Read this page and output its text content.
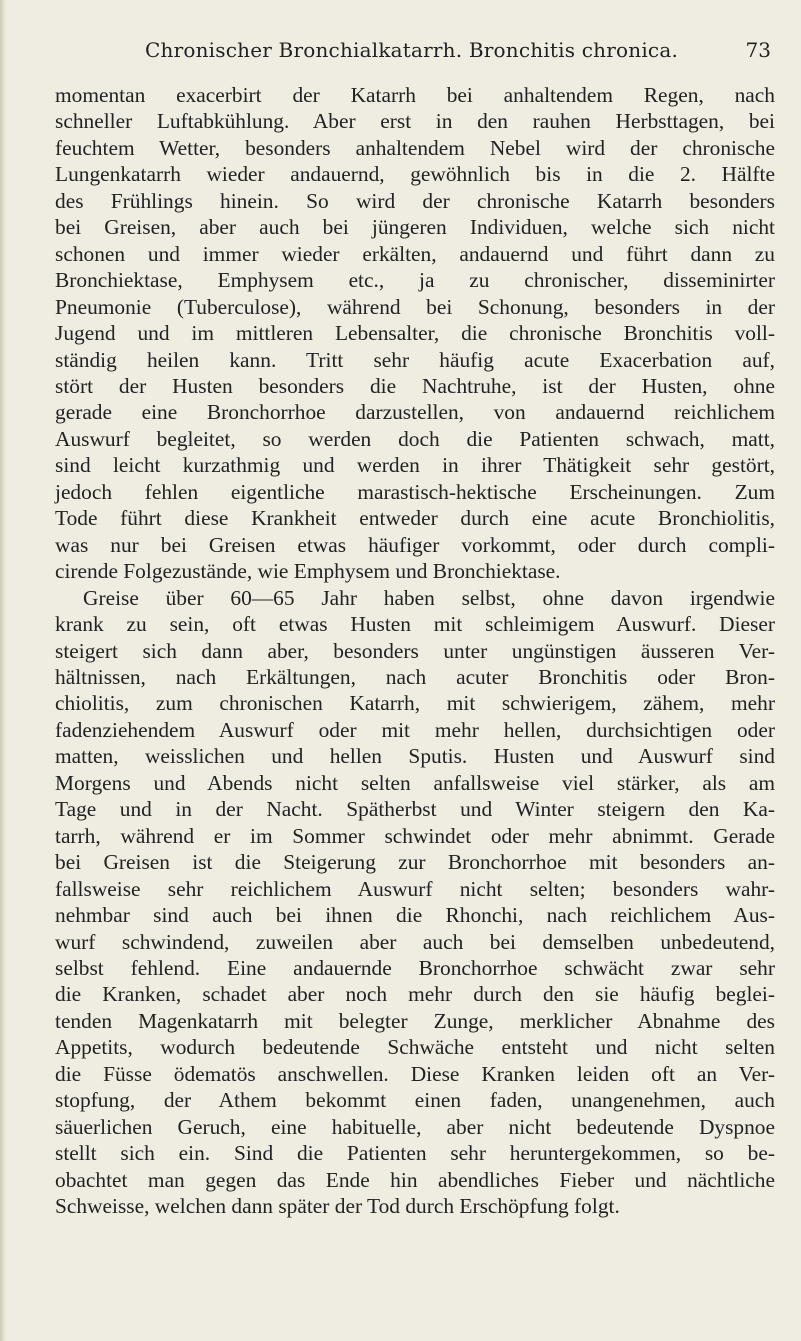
Chronischer Bronchialkatarrh. Bronchitis chronica.	73
momentan exacerbirt der Katarrh bei anhaltendem Regen, nach
schneller Luftabkühlung. Aber erst in den rauhen Herbsttagen, bei
feuchtem Wetter, besonders anhaltendem Nebel wird der chronische
Lungenkatarrh wieder andauernd, gewöhnlich bis in die 2. Hälfte
des Frühlings hinein. So wird der chronische Katarrh besonders
bei Greisen, aber auch bei jüngeren Individuen, welche sich nicht
schonen und immer wieder erkälten, andauernd und führt dann zu
Bronchiektase, Emphysem etc., ja zu chronischer, disseminirter
Pneumonie (Tuberculose), während bei Schonung, besonders in der
Jugend und im mittleren Lebensalter, die chronische Bronchitis voll-
ständig heilen kann. Tritt sehr häufig acute Exacerbation auf,
stört der Husten besonders die Nachtruhe, ist der Husten, ohne
gerade eine Bronchorrhoe darzustellen, von andauernd reichlichem
Auswurf begleitet, so werden doch die Patienten schwach, matt,
sind leicht kurzathmig und werden in ihrer Thätigkeit sehr gestört,
jedoch fehlen eigentliche marastisch-hektische Erscheinungen. Zum
Tode führt diese Krankheit entweder durch eine acute Bronchiolitis,
was nur bei Greisen etwas häufiger vorkommt, oder durch compli-
cirende Folgezustände, wie Emphysem und Bronchiektase.
Greise über 60—65 Jahr haben selbst, ohne davon irgendwie
krank zu sein, oft etwas Husten mit schleimigem Auswurf. Dieser
steigert sich dann aber, besonders unter ungünstigen äusseren Ver-
hältnissen, nach Erkältungen, nach acuter Bronchitis oder Bron-
chiolitis, zum chronischen Katarrh, mit schwierigem, zähem, mehr
fadenziehendem Auswurf oder mit mehr hellen, durchsichtigen oder
matten, weisslichen und hellen Sputis. Husten und Auswurf sind
Morgens und Abends nicht selten anfallsweise viel stärker, als am
Tage und in der Nacht. Spätherbst und Winter steigern den Ka-
tarrh, während er im Sommer schwindet oder mehr abnimmt. Gerade
bei Greisen ist die Steigerung zur Bronchorrhoe mit besonders an-
fallsweise sehr reichlichem Auswurf nicht selten; besonders wahr-
nehmbar sind auch bei ihnen die Rhonchi, nach reichlichem Aus-
wurf schwindend, zuweilen aber auch bei demselben unbedeutend,
selbst fehlend. Eine andauernde Bronchorrhoe schwächt zwar sehr
die Kranken, schadet aber noch mehr durch den sie häufig beglei-
tenden Magenkatarrh mit belegter Zunge, merklicher Abnahme des
Appetits, wodurch bedeutende Schwäche entsteht und nicht selten
die Füsse ödematös anschwellen. Diese Kranken leiden oft an Ver-
stopfung, der Athem bekommt einen faden, unangenehmen, auch
säuerlichen Geruch, eine habituelle, aber nicht bedeutende Dyspnoe
stellt sich ein. Sind die Patienten sehr heruntergekommen, so be-
obachtet man gegen das Ende hin abendliches Fieber und nächtliche
Schweisse, welchen dann später der Tod durch Erschöpfung folgt.
